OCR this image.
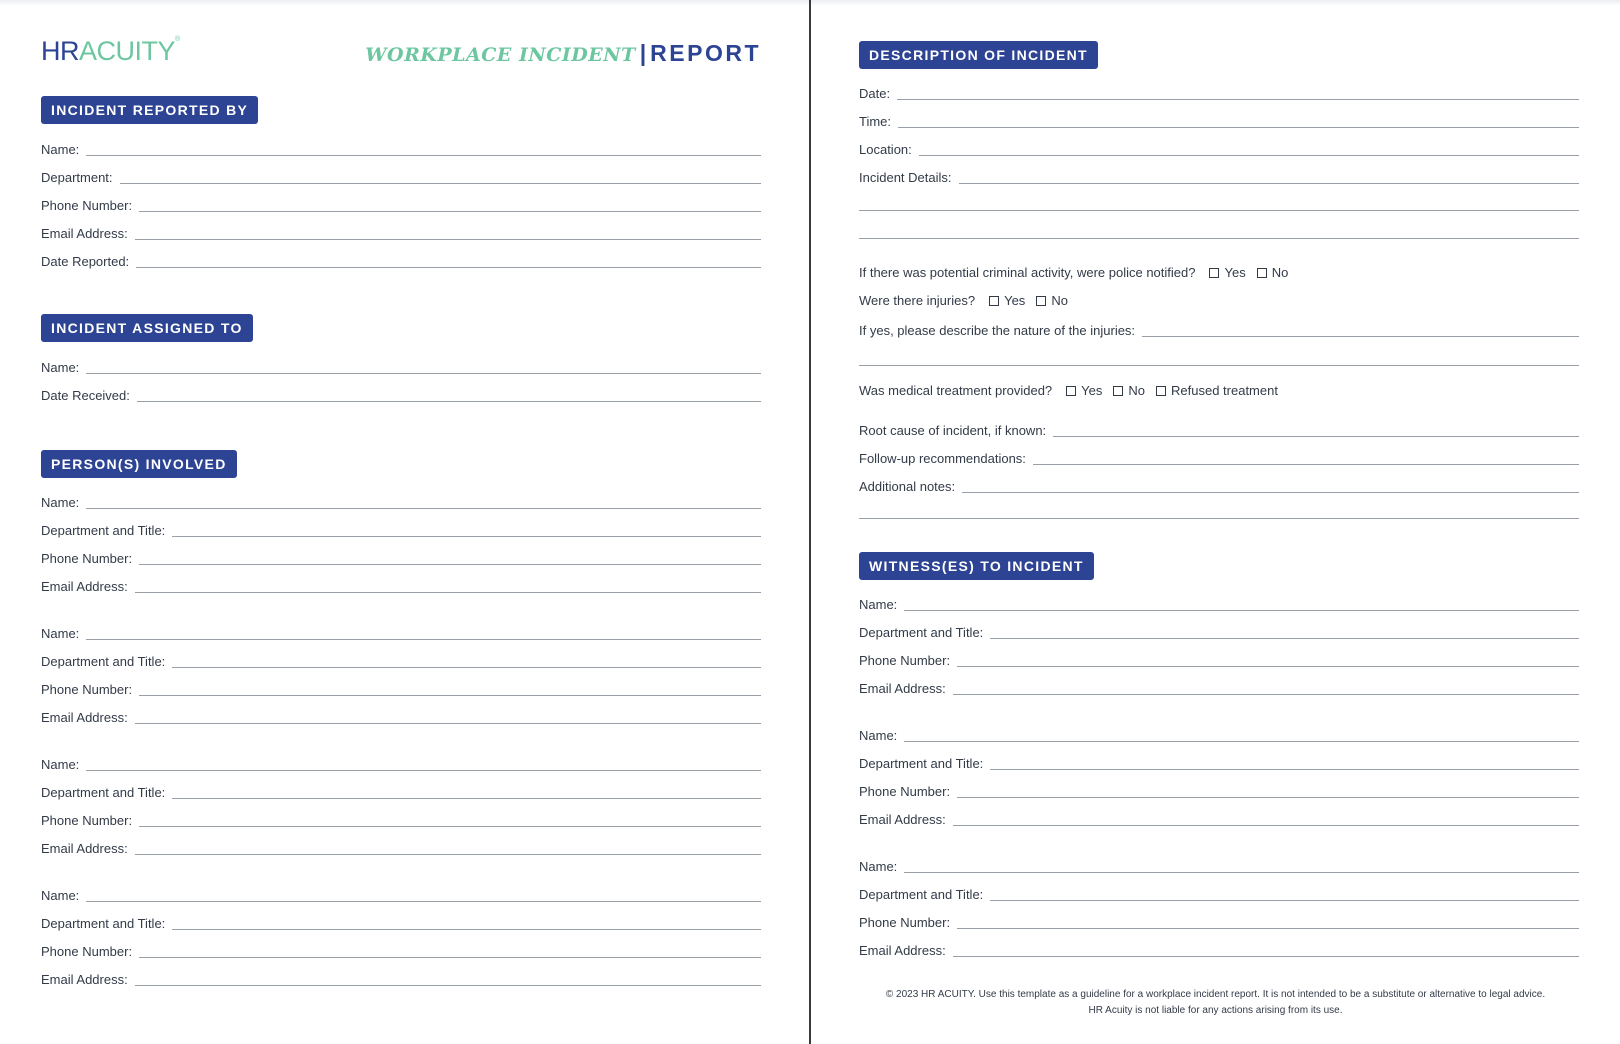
HRACUITY®
WORKPLACE INCIDENT | REPORT
INCIDENT REPORTED BY
Name:
Department:
Phone Number:
Email Address:
Date Reported:
INCIDENT ASSIGNED TO
Name:
Date Received:
PERSON(S) INVOLVED
Name:
Department and Title:
Phone Number:
Email Address:
Name:
Department and Title:
Phone Number:
Email Address:
Name:
Department and Title:
Phone Number:
Email Address:
Name:
Department and Title:
Phone Number:
Email Address:
DESCRIPTION OF INCIDENT
Date:
Time:
Location:
Incident Details:
If there was potential criminal activity, were police notified? Yes No
Were there injuries? Yes No
If yes, please describe the nature of the injuries:
Was medical treatment provided? Yes No Refused treatment
Root cause of incident, if known:
Follow-up recommendations:
Additional notes:
WITNESS(ES) TO INCIDENT
Name:
Department and Title:
Phone Number:
Email Address:
Name:
Department and Title:
Phone Number:
Email Address:
Name:
Department and Title:
Phone Number:
Email Address:
© 2023 HR ACUITY. Use this template as a guideline for a workplace incident report. It is not intended to be a substitute or alternative to legal advice.
HR Acuity is not liable for any actions arising from its use.
